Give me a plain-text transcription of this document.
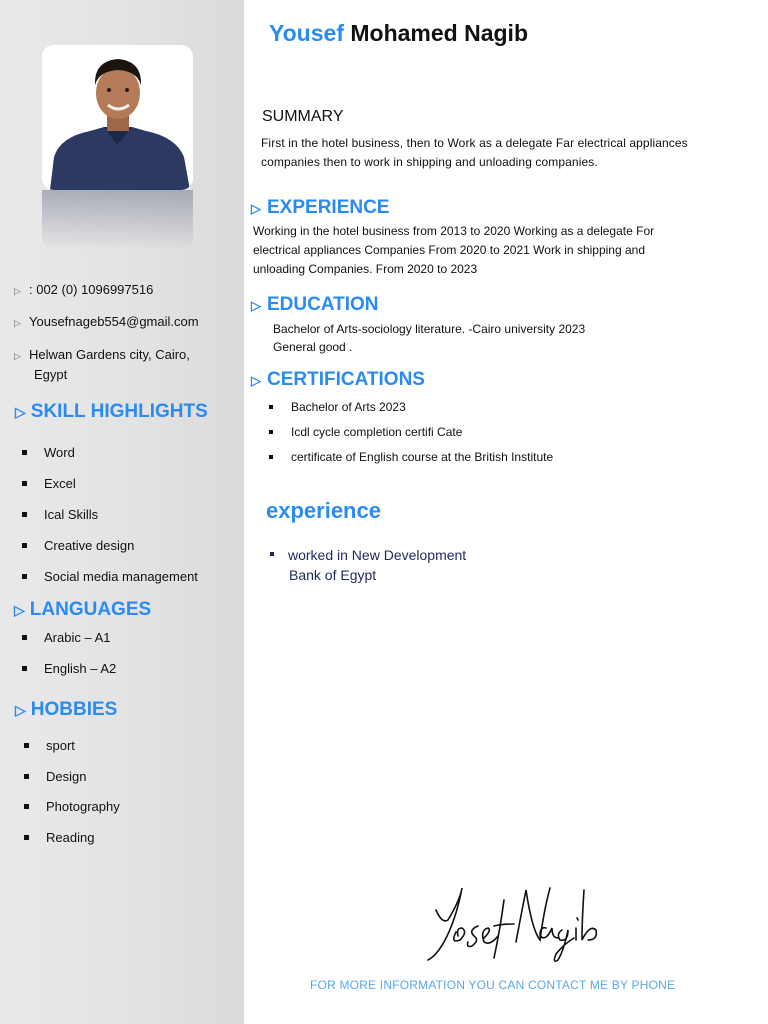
▷ : 002 (0) 1096997516
▷ Yousefnageb554@gmail.com
▷ Helwan Gardens city, Cairo,
Egypt
▷ SKILL HIGHLIGHTS
Word
Excel
Ical Skills
Creative design
Social media management
▷ LANGUAGES
Arabic – A1
English – A2
▷ HOBBIES
sport
Design
Photography
Reading
Yousef Mohamed Nagib
SUMMARY
First in the hotel business, then to Work as a delegate Far electrical appliances
companies then to work in shipping and unloading companies.
▷ EXPERIENCE
Working in the hotel business from 2013 to 2020 Working as a delegate For
electrical appliances Companies From 2020 to 2021 Work in shipping and
unloading Companies. From 2020 to 2023
▷ EDUCATION
Bachelor of Arts-sociology literature. -Cairo university 2023
General good .
▷ CERTIFICATIONS
Bachelor of Arts 2023
Icdl cycle completion certifi Cate
certificate of English course at the British Institute
experience
worked in New Development
Bank of Egypt
FOR MORE INFORMATION YOU CAN CONTACT ME BY PHONE
